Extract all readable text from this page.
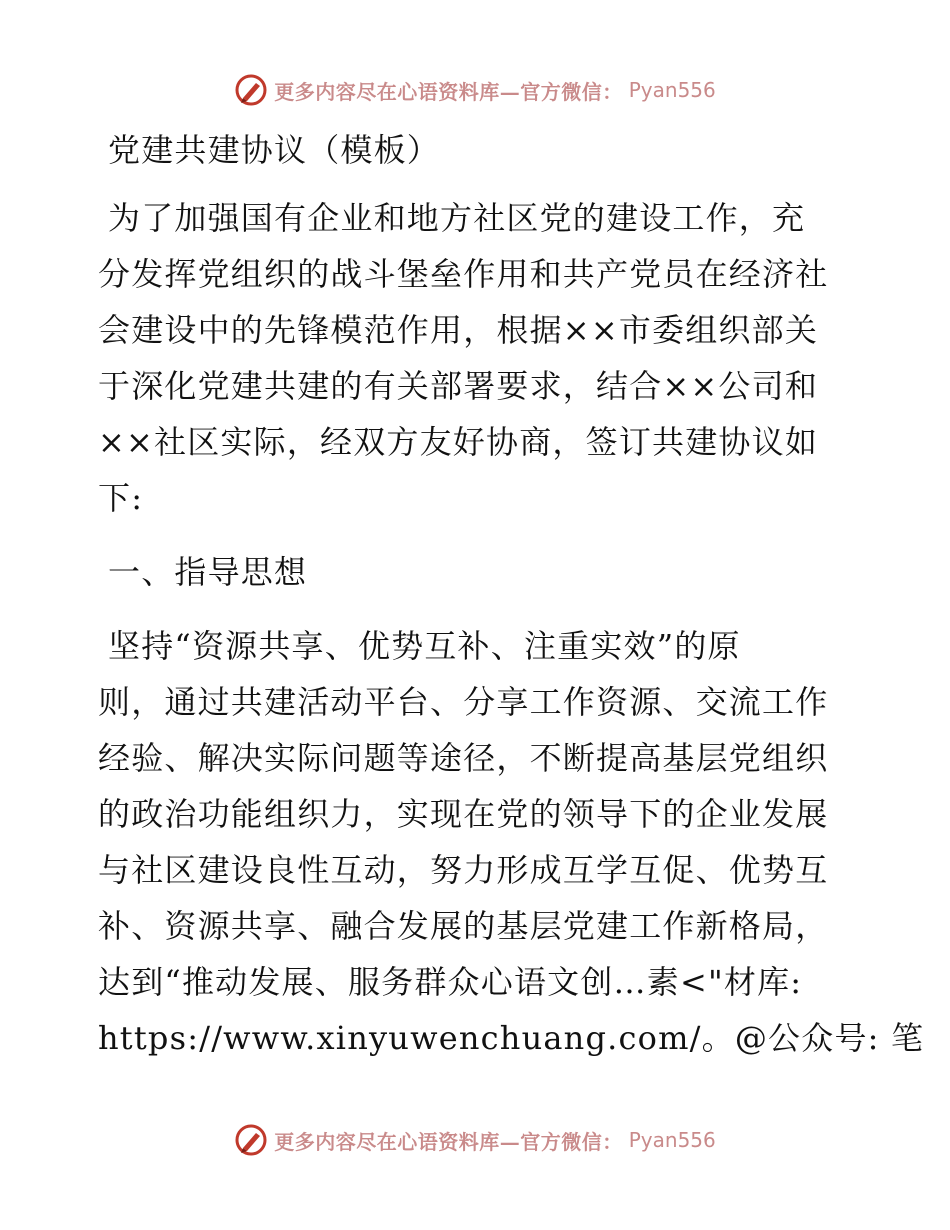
更多内容尽在心语资料库—官方微信： Pyan556
党建共建协议（模板）
为了加强国有企业和地方社区党的建设工作，充
分发挥党组织的战斗堡垒作用和共产党员在经济社
会建设中的先锋模范作用，根据××市委组织部关
于深化党建共建的有关部署要求，结合××公司和
××社区实际，经双方友好协商，签订共建协议如
下:
一、指导思想
坚持“资源共享、优势互补、注重实效”的原
则，通过共建活动平台、分享工作资源、交流工作
经验、解决实际问题等途径，不断提高基层党组织
的政治功能组织力，实现在党的领导下的企业发展
与社区建设良性互动，努力形成互学互促、优势互
补、资源共享、融合发展的基层党建工作新格局，
达到“推动发展、服务群众心语文创…素<"材库:
https://www.xinyuwenchuang.com/。@公众号: 笔
更多内容尽在心语资料库—官方微信： Pyan556
